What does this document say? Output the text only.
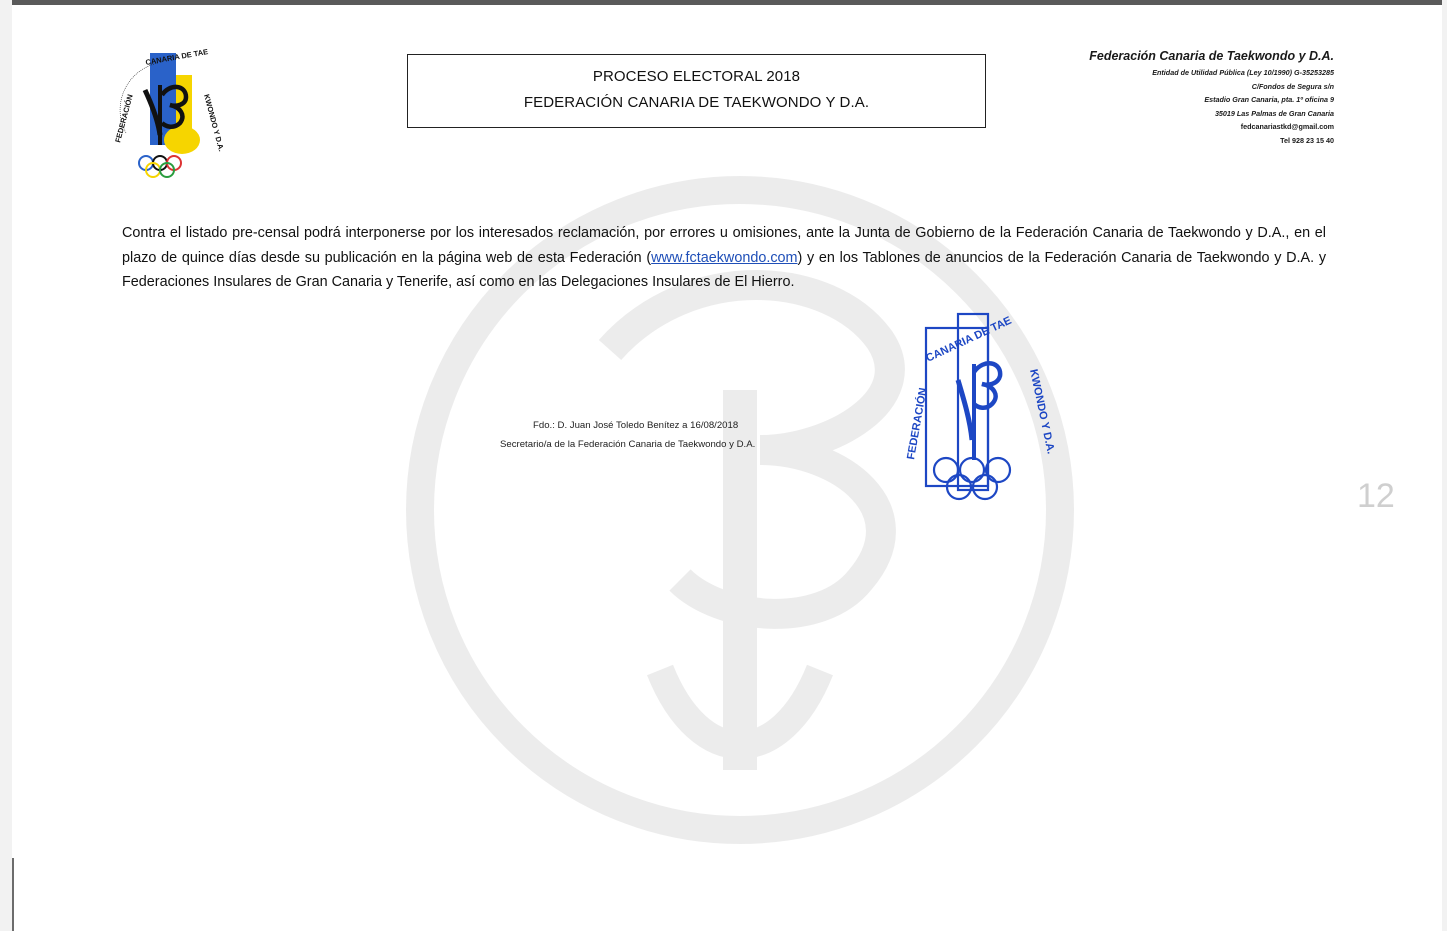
FEDERACIÓN
CANARIA DE TAE
KWONDO Y D.A.
PROCESO ELECTORAL 2018
FEDERACIÓN CANARIA DE TAEKWONDO Y D.A.
Federación Canaria de Taekwondo y D.A.
Entidad de Utilidad Pública (Ley 10/1990) G-35253285
C/Fondos de Segura s/n
Estadio Gran Canaria, pta. 1º oficina 9
35019 Las Palmas de Gran Canaria
fedcanariastkd@gmail.com
Tel 928 23 15 40
Contra el listado pre-censal podrá interponerse por los interesados reclamación, por errores u omisiones, ante la Junta de Gobierno de la Federación Canaria de Taekwondo y D.A., en el plazo de quince días desde su publicación en la página web de esta Federación (www.fctaekwondo.com) y en los Tablones de anuncios de la Federación Canaria de Taekwondo y D.A. y Federaciones Insulares de Gran Canaria y Tenerife, así como en las Delegaciones Insulares de El Hierro.
Fdo.: D. Juan José Toledo Benítez a 16/08/2018
Secretario/a de la Federación Canaria de Taekwondo y D.A.	FEDERACIÓN
CANARIA DE TAE
KWONDO Y D.A.
12
